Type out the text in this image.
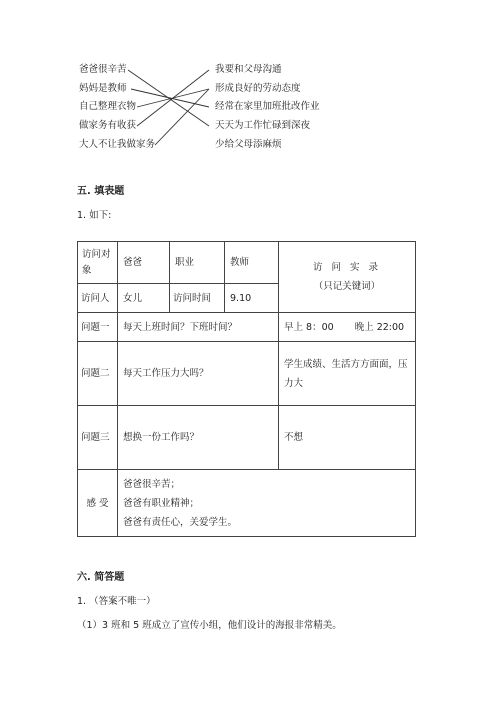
爸爸很辛苦
妈妈是教师
自己整理衣物
做家务有收获
大人不让我做家务
我要和父母沟通
形成良好的劳动态度
经常在家里加班批改作业
天天为工作忙碌到深夜
少给父母添麻烦
五. 填表题
1. 如下:
访问对象	爸爸	职业	教师	访 问 实 录
（只记关键词）

访问人	女儿	访问时间	9.10	
问题一	每天上班时间？下班时间？			早上 8：00 晚上 22:00
问题二	每天工作压力大吗？			学生成绩、生活方方面面，压力大
问题三	想换一份工作吗？			不想
感 受	爸爸很辛苦；
爸爸有职业精神；
爸爸有责任心，关爱学生。			
六. 简答题
1. （答案不唯一）
（1）3 班和 5 班成立了宣传小组，他们设计的海报非常精美。
